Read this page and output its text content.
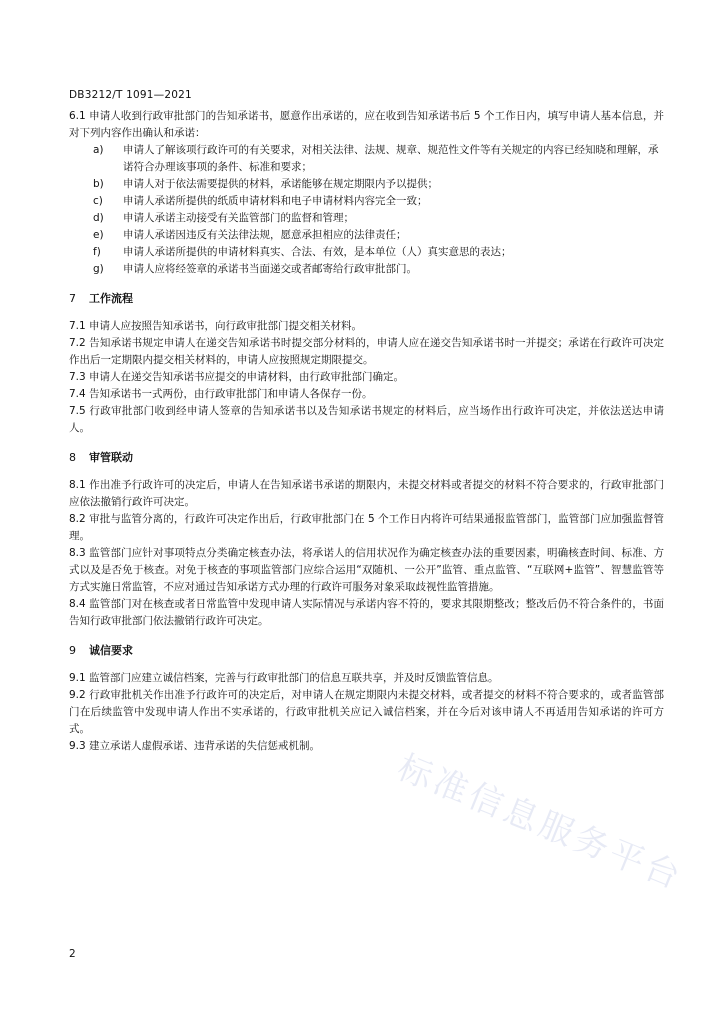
DB3212/T 1091—2021

6.1 申请人收到行政审批部门的告知承诺书，愿意作出承诺的，应在收到告知承诺书后 5 个工作日内，填写申请人基本信息，并对下列内容作出确认和承诺：

a)	申请人了解该项行政许可的有关要求，对相关法律、法规、规章、规范性文件等有关规定的内容已经知晓和理解，承诺符合办理该事项的条件、标准和要求；
b)	申请人对于依法需要提供的材料，承诺能够在规定期限内予以提供；
c)	申请人承诺所提供的纸质申请材料和电子申请材料内容完全一致；
d)	申请人承诺主动接受有关监管部门的监督和管理；
e)	申请人承诺因违反有关法律法规，愿意承担相应的法律责任；
f)	申请人承诺所提供的申请材料真实、合法、有效，是本单位（人）真实意思的表达；
g)	申请人应将经签章的承诺书当面递交或者邮寄给行政审批部门。
7 工作流程

7.1 申请人应按照告知承诺书，向行政审批部门提交相关材料。

7.2 告知承诺书规定申请人在递交告知承诺书时提交部分材料的，申请人应在递交告知承诺书时一并提交；承诺在行政许可决定作出后一定期限内提交相关材料的，申请人应按照规定期限提交。

7.3 申请人在递交告知承诺书应提交的申请材料，由行政审批部门确定。

7.4 告知承诺书一式两份，由行政审批部门和申请人各保存一份。

7.5 行政审批部门收到经申请人签章的告知承诺书以及告知承诺书规定的材料后，应当场作出行政许可决定，并依法送达申请人。

8 审管联动

8.1 作出准予行政许可的决定后，申请人在告知承诺书承诺的期限内，未提交材料或者提交的材料不符合要求的，行政审批部门应依法撤销行政许可决定。

8.2 审批与监管分离的，行政许可决定作出后，行政审批部门在 5 个工作日内将许可结果通报监管部门，监管部门应加强监督管理。

8.3 监管部门应针对事项特点分类确定核查办法，将承诺人的信用状况作为确定核查办法的重要因素，明确核查时间、标准、方式以及是否免于核查。对免于核查的事项监管部门应综合运用“双随机、一公开”监管、重点监管、“互联网+监管”、智慧监管等方式实施日常监管，不应对通过告知承诺方式办理的行政许可服务对象采取歧视性监管措施。

8.4 监管部门对在核查或者日常监管中发现申请人实际情况与承诺内容不符的，要求其限期整改；整改后仍不符合条件的，书面告知行政审批部门依法撤销行政许可决定。

9 诚信要求

9.1 监管部门应建立诚信档案，完善与行政审批部门的信息互联共享，并及时反馈监管信息。

9.2 行政审批机关作出准予行政许可的决定后，对申请人在规定期限内未提交材料，或者提交的材料不符合要求的，或者监管部门在后续监管中发现申请人作出不实承诺的，行政审批机关应记入诚信档案，并在今后对该申请人不再适用告知承诺的许可方式。

9.3 建立承诺人虚假承诺、违背承诺的失信惩戒机制。

标准信息服务平台
2
